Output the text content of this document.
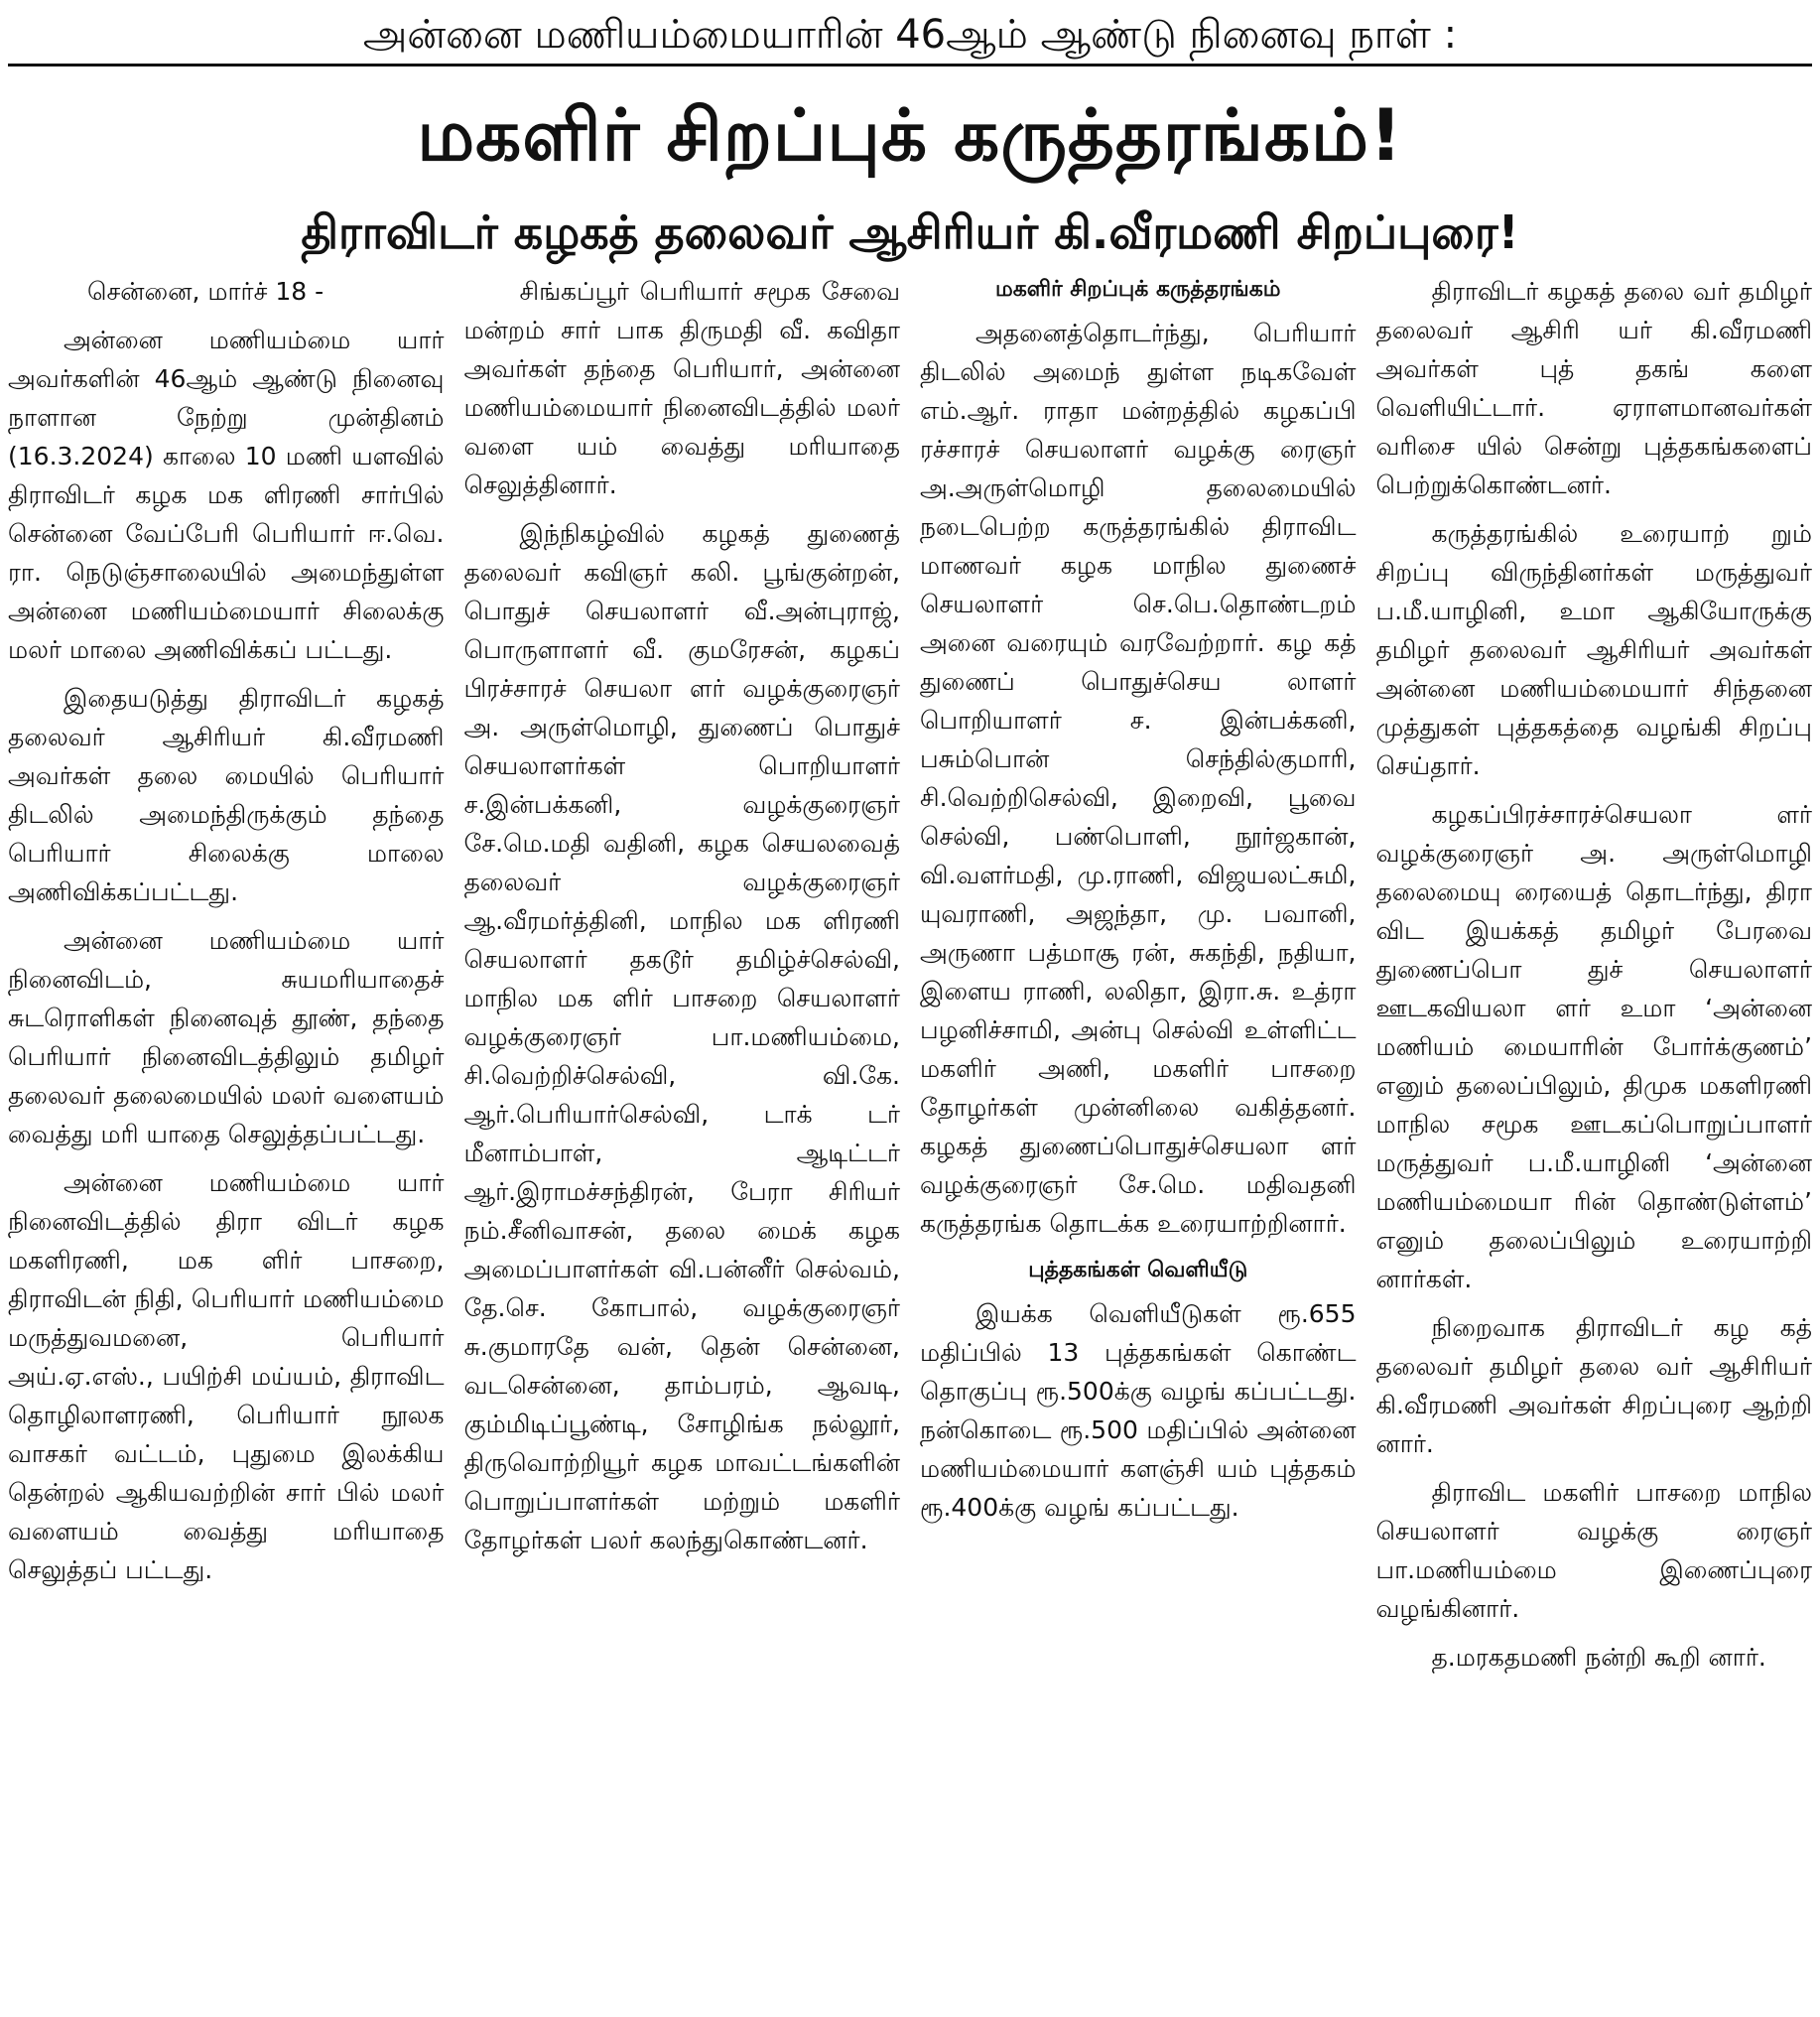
அன்னை மணியம்மையாரின் 46ஆம் ஆண்டு நினைவு நாள் :
மகளிர் சிறப்புக் கருத்தரங்கம்!
திராவிடர் கழகத் தலைவர் ஆசிரியர் கி.வீரமணி சிறப்புரை!

சென்னை, மார்ச் 18 -

அன்னை மணியம்மை யார் அவர்களின் 46ஆம் ஆண்டு நினைவு நாளான நேற்று முன்தினம் (16.3.2024) காலை 10 மணி யளவில் திராவிடர் கழக மக ளிரணி சார்பில் சென்னை வேப்பேரி பெரியார் ஈ.வெ. ரா. நெடுஞ்சாலையில் அமைந்துள்ள அன்னை மணியம்மையார் சிலைக்கு மலர் மாலை அணிவிக்கப் பட்டது.

இதையடுத்து திராவிடர் கழகத் தலைவர் ஆசிரியர் கி.வீரமணி அவர்கள் தலை மையில் பெரியார் திடலில் அமைந்திருக்கும் தந்தை பெரியார் சிலைக்கு மாலை அணிவிக்கப்பட்டது.

அன்னை மணியம்மை யார் நினைவிடம், சுயமரியாதைச் சுடரொளிகள் நினைவுத் தூண், தந்தை பெரியார் நினைவிடத்திலும் தமிழர் தலைவர் தலைமையில் மலர் வளையம் வைத்து மரி யாதை செலுத்தப்பட்டது.

அன்னை மணியம்மை யார் நினைவிடத்தில் திரா விடர் கழக மகளிரணி, மக ளிர் பாசறை, திராவிடன் நிதி, பெரியார் மணியம்மை மருத்துவமனை, பெரியார் அய்.ஏ.எஸ்., பயிற்சி மய்யம், திராவிட தொழிலாளரணி, பெரியார் நூலக வாசகர் வட்டம், புதுமை இலக்கிய தென்றல் ஆகியவற்றின் சார் பில் மலர் வளையம் வைத்து மரியாதை செலுத்தப் பட்டது.

சிங்கப்பூர் பெரியார் சமூக சேவை மன்றம் சார் பாக திருமதி வீ. கவிதா அவர்கள் தந்தை பெரியார், அன்னை மணியம்மையார் நினைவிடத்தில் மலர் வளை யம் வைத்து மரியாதை செலுத்தினார்.

இந்நிகழ்வில் கழகத் துணைத் தலைவர் கவிஞர் கலி. பூங்குன்றன், பொதுச் செயலாளர் வீ.அன்புராஜ், பொருளாளர் வீ. குமரேசன், கழகப் பிரச்சாரச் செயலா ளர் வழக்குரைஞர் அ. அருள்மொழி, துணைப் பொதுச் செயலாளர்கள் பொறியாளர் ச.இன்பக்கனி, வழக்குரைஞர் சே.மெ.மதி வதினி, கழக செயலவைத் தலைவர் வழக்குரைஞர் ஆ.வீரமர்த்தினி, மாநில மக ளிரணி செயலாளர் தகடூர் தமிழ்ச்செல்வி, மாநில மக ளிர் பாசறை செயலாளர் வழக்குரைஞர் பா.மணியம்மை, சி.வெற்றிச்செல்வி, வி.கே. ஆர்.பெரியார்செல்வி, டாக் டர் மீனாம்பாள், ஆடிட்டர் ஆர்.இராமச்சந்திரன், பேரா சிரியர் நம்.சீனிவாசன், தலை மைக் கழக அமைப்பாளர்கள் வி.பன்னீர் செல்வம், தே.செ. கோபால், வழக்குரைஞர் சு.குமாரதே வன், தென் சென்னை, வடசென்னை, தாம்பரம், ஆவடி, கும்மிடிப்பூண்டி, சோழிங்க நல்லூர், திருவொற்றியூர் கழக மாவட்டங்களின் பொறுப்பாளர்கள் மற்றும் மகளிர் தோழர்கள் பலர் கலந்துகொண்டனர்.

மகளிர் சிறப்புக் கருத்தரங்கம்

அதனைத்தொடர்ந்து, பெரியார் திடலில் அமைந் துள்ள நடிகவேள் எம்.ஆர். ராதா மன்றத்தில் கழகப்பி ரச்சாரச் செயலாளர் வழக்கு ரைஞர் அ.அருள்மொழி தலைமையில் நடைபெற்ற கருத்தரங்கில் திராவிட மாணவர் கழக மாநில துணைச் செயலாளர் செ.பெ.தொண்டறம் அனை வரையும் வரவேற்றார். கழ கத் துணைப் பொதுச்செய லாளர் பொறியாளர் ச. இன்பக்கனி, பசும்பொன் செந்தில்குமாரி, சி.வெற்றிசெல்வி, இறைவி, பூவை செல்வி, பண்பொளி, நூர்ஜகான், வி.வளர்மதி, மு.ராணி, விஜயலட்சுமி, யுவராணி, அஜந்தா, மு. பவானி, அருணா பத்மாசூ ரன், சுகந்தி, நதியா, இளைய ராணி, லலிதா, இரா.சு. உத்ரா பழனிச்சாமி, அன்பு செல்வி உள்ளிட்ட மகளிர் அணி, மகளிர் பாசறை தோழர்கள் முன்னிலை வகித்தனர். கழகத் துணைப்பொதுச்செயலா ளர் வழக்குரைஞர் சே.மெ. மதிவதனி கருத்தரங்க தொடக்க உரையாற்றினார்.

புத்தகங்கள் வெளியீடு

இயக்க வெளியீடுகள் ரூ.655 மதிப்பில் 13 புத்தகங்கள் கொண்ட தொகுப்பு ரூ.500க்கு வழங் கப்பட்டது. நன்கொடை ரூ.500 மதிப்பில் அன்னை மணியம்மையார் களஞ்சி யம் புத்தகம் ரூ.400க்கு வழங் கப்பட்டது.

திராவிடர் கழகத் தலை வர் தமிழர் தலைவர் ஆசிரி யர் கி.வீரமணி அவர்கள் புத் தகங் களை வெளியிட்டார். ஏராளமானவர்கள் வரிசை யில் சென்று புத்தகங்களைப் பெற்றுக்கொண்டனர்.

கருத்தரங்கில் உரையாற் றும் சிறப்பு விருந்தினர்கள் மருத்துவர் ப.மீ.யாழினி, உமா ஆகியோருக்கு தமிழர் தலைவர் ஆசிரியர் அவர்கள் அன்னை மணியம்மையார் சிந்தனை முத்துகள் புத்தகத்தை வழங்கி சிறப்பு செய்தார்.

கழகப்பிரச்சாரச்செயலா ளர் வழக்குரைஞர் அ. அருள்மொழி தலைமையு ரையைத் தொடர்ந்து, திரா விட இயக்கத் தமிழர் பேரவை துணைப்பொ துச் செயலாளர் ஊடகவியலா ளர் உமா ‘அன்னை மணியம் மையாரின் போர்க்குணம்’ எனும் தலைப்பிலும், திமுக மகளிரணி மாநில சமூக ஊடகப்பொறுப்பாளர் மருத்துவர் ப.மீ.யாழினி ‘அன்னை மணியம்மையா ரின் தொண்டுள்ளம்’ எனும் தலைப்பிலும் உரையாற்றி னார்கள்.

நிறைவாக திராவிடர் கழ கத் தலைவர் தமிழர் தலை வர் ஆசிரியர் கி.வீரமணி அவர்கள் சிறப்புரை ஆற்றி னார்.

திராவிட மகளிர் பாசறை மாநில செயலாளர் வழக்கு ரைஞர் பா.மணியம்மை இணைப்புரை வழங்கினார்.

த.மரகதமணி நன்றி கூறி னார்.
